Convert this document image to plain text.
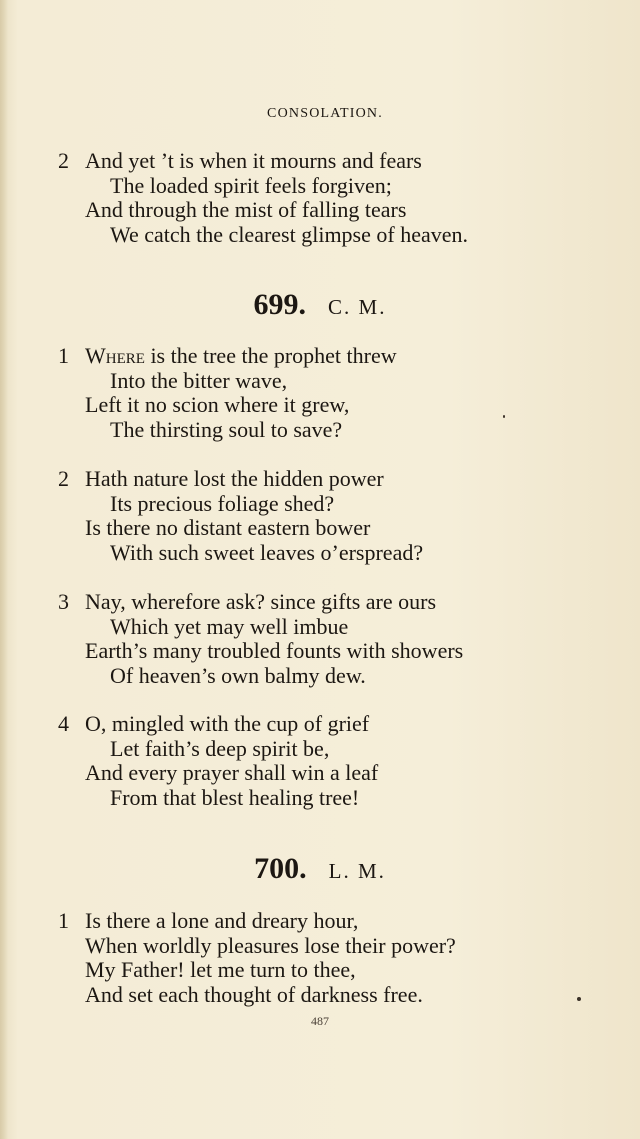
CONSOLATION.
2 And yet ’t is when it mourns and fears
The loaded spirit feels forgiven;
And through the mist of falling tears
We catch the clearest glimpse of heaven.
699. C. M.
1 Where is the tree the prophet threw
Into the bitter wave,
Left it no scion where it grew,
The thirsting soul to save?
2 Hath nature lost the hidden power
Its precious foliage shed?
Is there no distant eastern bower
With such sweet leaves o’erspread?
3 Nay, wherefore ask? since gifts are ours
Which yet may well imbue
Earth’s many troubled founts with showers
Of heaven’s own balmy dew.
4 O, mingled with the cup of grief
Let faith’s deep spirit be,
And every prayer shall win a leaf
From that blest healing tree!
700. L. M.
1 Is there a lone and dreary hour,
When worldly pleasures lose their power?
My Father! let me turn to thee,
And set each thought of darkness free.
487
